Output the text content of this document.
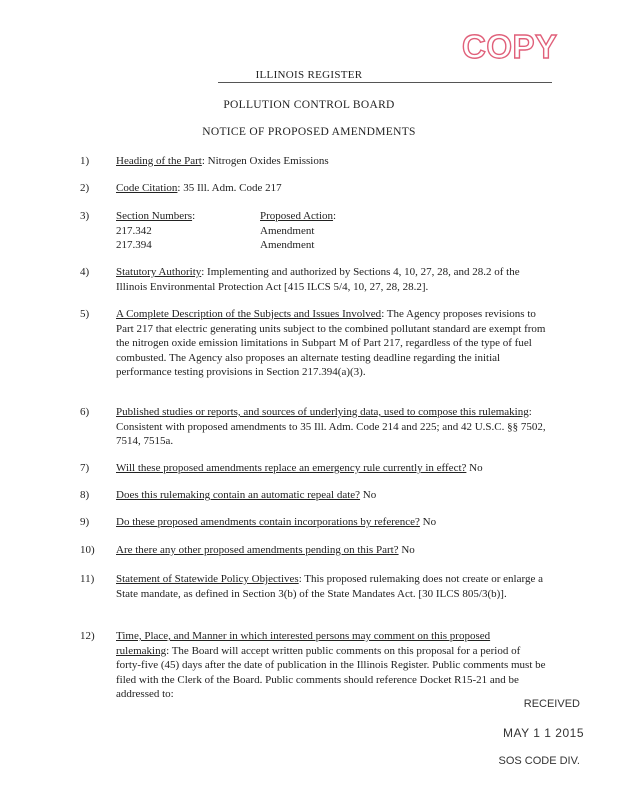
COPY
ILLINOIS REGISTER
POLLUTION CONTROL BOARD
NOTICE OF PROPOSED AMENDMENTS
1) Heading of the Part: Nitrogen Oxides Emissions
2) Code Citation: 35 Ill. Adm. Code 217
3) Section Numbers:
217.342
217.394
Proposed Action:
Amendment
Amendment
4) Statutory Authority: Implementing and authorized by Sections 4, 10, 27, 28, and 28.2 of the Illinois Environmental Protection Act [415 ILCS 5/4, 10, 27, 28, 28.2].
5) A Complete Description of the Subjects and Issues Involved: The Agency proposes revisions to Part 217 that electric generating units subject to the combined pollutant standard are exempt from the nitrogen oxide emission limitations in Subpart M of Part 217, regardless of the type of fuel combusted. The Agency also proposes an alternate testing deadline regarding the initial performance testing provisions in Section 217.394(a)(3).
6) Published studies or reports, and sources of underlying data, used to compose this rulemaking: Consistent with proposed amendments to 35 Ill. Adm. Code 214 and 225; and 42 U.S.C. §§ 7502, 7514, 7515a.
7) Will these proposed amendments replace an emergency rule currently in effect? No
8) Does this rulemaking contain an automatic repeal date? No
9) Do these proposed amendments contain incorporations by reference? No
10) Are there any other proposed amendments pending on this Part? No
11) Statement of Statewide Policy Objectives: This proposed rulemaking does not create or enlarge a State mandate, as defined in Section 3(b) of the State Mandates Act. [30 ILCS 805/3(b)].
12) Time, Place, and Manner in which interested persons may comment on this proposed rulemaking: The Board will accept written public comments on this proposal for a period of forty-five (45) days after the date of publication in the Illinois Register. Public comments must be filed with the Clerk of the Board. Public comments should reference Docket R15-21 and be addressed to:
RECEIVED
MAY 1 1 2015
SOS CODE DIV.
